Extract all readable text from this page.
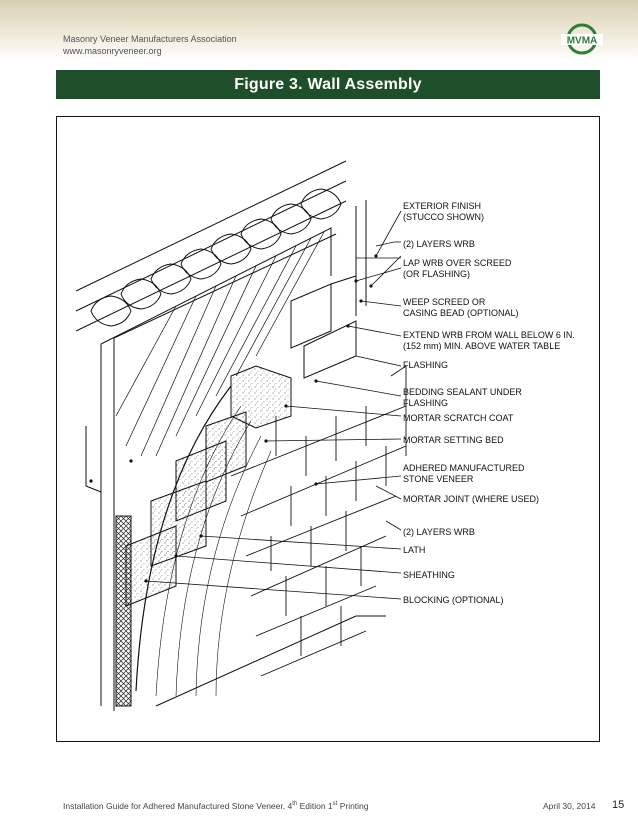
Masonry Veneer Manufacturers Association
www.masonryveneer.org
MVMA
Figure 3. Wall Assembly
EXTERIOR FINISH
(STUCCO SHOWN)
(2) LAYERS WRB
LAP WRB OVER SCREED
(OR FLASHING)
WEEP SCREED OR
CASING BEAD (OPTIONAL)
EXTEND WRB FROM WALL BELOW 6 IN.
(152 mm) MIN. ABOVE WATER TABLE
FLASHING
BEDDING SEALANT UNDER
FLASHING
MORTAR SCRATCH COAT
MORTAR SETTING BED
ADHERED MANUFACTURED
STONE VENEER
MORTAR JOINT (WHERE USED)
(2) LAYERS WRB
LATH
SHEATHING
BLOCKING (OPTIONAL)
Installation Guide for Adhered Manufactured Stone Veneer, 4th Edition 1st Printing	April 30, 2014 15
